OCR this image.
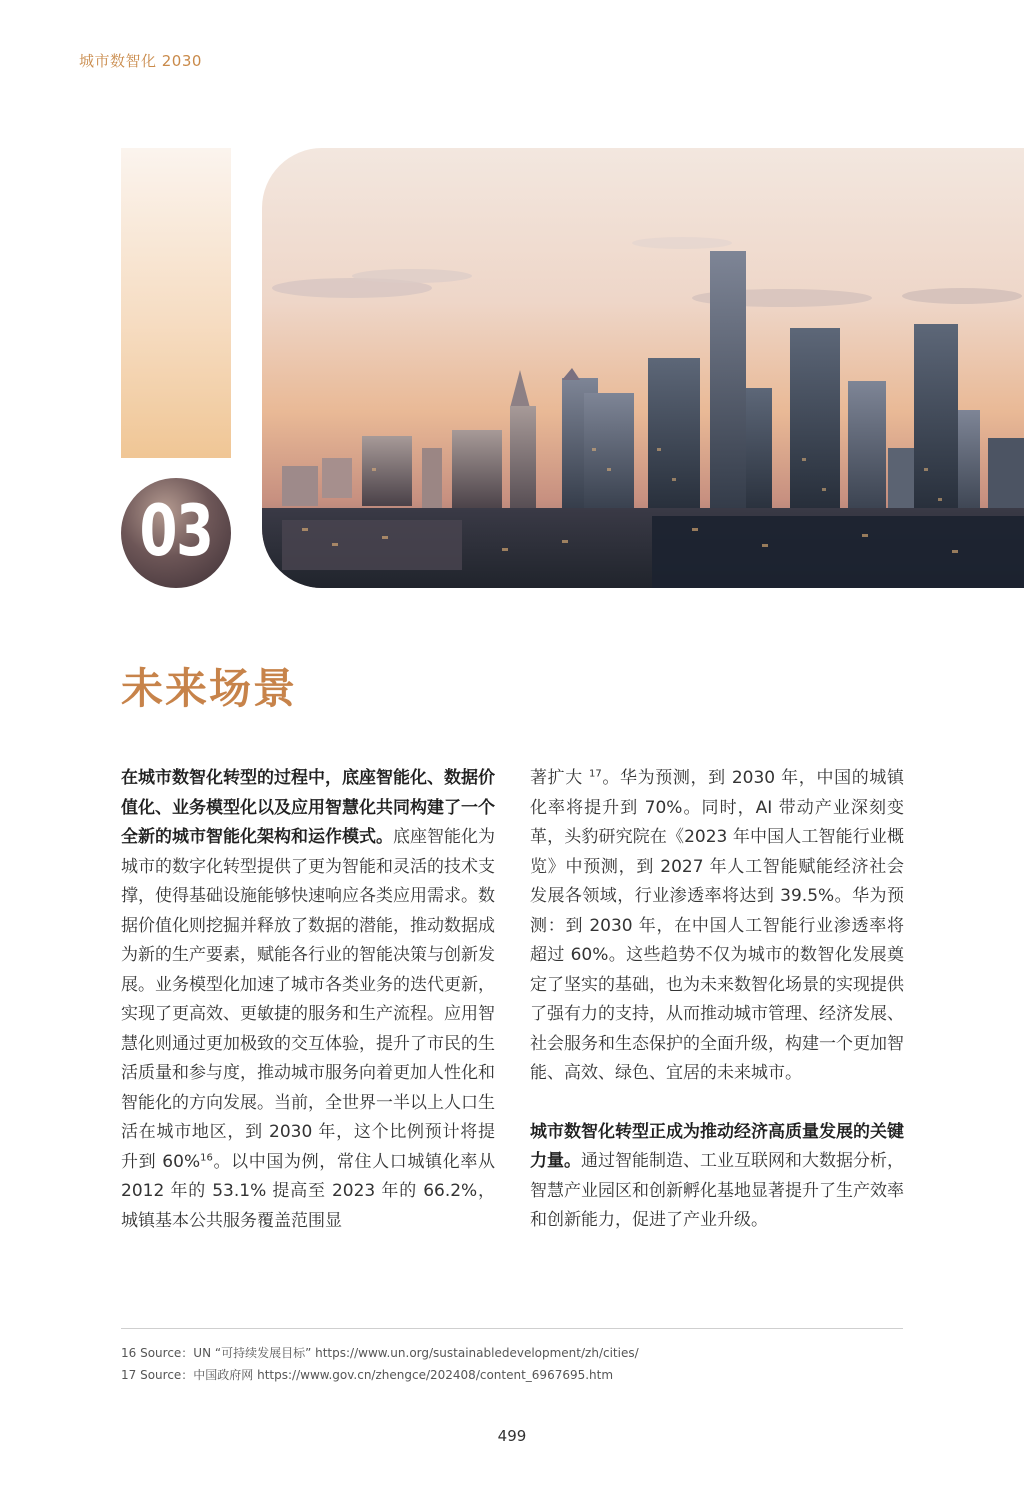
城市数智化 2030
03
未来场景

在城市数智化转型的过程中，底座智能化、数据价值化、业务模型化以及应用智慧化共同构建了一个全新的城市智能化架构和运作模式。底座智能化为城市的数字化转型提供了更为智能和灵活的技术支撑，使得基础设施能够快速响应各类应用需求。数据价值化则挖掘并释放了数据的潜能，推动数据成为新的生产要素，赋能各行业的智能决策与创新发展。业务模型化加速了城市各类业务的迭代更新，实现了更高效、更敏捷的服务和生产流程。应用智慧化则通过更加极致的交互体验，提升了市民的生活质量和参与度，推动城市服务向着更加人性化和智能化的方向发展。当前，全世界一半以上人口生活在城市地区，到 2030 年，这个比例预计将提升到 60%$^{16}$。以中国为例，常住人口城镇化率从 2012 年的 53.1% 提高至 2023 年的 66.2%，城镇基本公共服务覆盖范围显

著扩大 $^{17}$。华为预测，到 2030 年，中国的城镇化率将提升到 70%。同时，AI 带动产业深刻变革，头豹研究院在《2023 年中国人工智能行业概览》中预测，到 2027 年人工智能赋能经济社会发展各领域，行业渗透率将达到 39.5%。华为预测：到 2030 年，在中国人工智能行业渗透率将超过 60%。这些趋势不仅为城市的数智化发展奠定了坚实的基础，也为未来数智化场景的实现提供了强有力的支持，从而推动城市管理、经济发展、社会服务和生态保护的全面升级，构建一个更加智能、高效、绿色、宜居的未来城市。

城市数智化转型正成为推动经济高质量发展的关键力量。通过智能制造、工业互联网和大数据分析，智慧产业园区和创新孵化基地显著提升了生产效率和创新能力，促进了产业升级。

16 Source：UN “可持续发展目标” https://www.un.org/sustainabledevelopment/zh/cities/
17 Source：中国政府网 https://www.gov.cn/zhengce/202408/content_6967695.htm
499
